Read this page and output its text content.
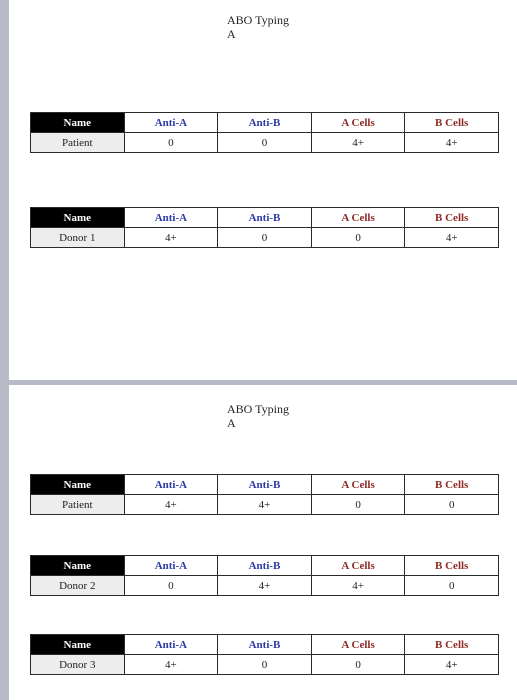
ABO Typing
A
Name	Anti-A	Anti-B	A Cells	B Cells
Patient	0	0	4+	4+
Name	Anti-A	Anti-B	A Cells	B Cells
Donor 1	4+	0	0	4+
ABO Typing
A
Name	Anti-A	Anti-B	A Cells	B Cells
Patient	4+	4+	0	0
Name	Anti-A	Anti-B	A Cells	B Cells
Donor 2	0	4+	4+	0
Name	Anti-A	Anti-B	A Cells	B Cells
Donor 3	4+	0	0	4+
